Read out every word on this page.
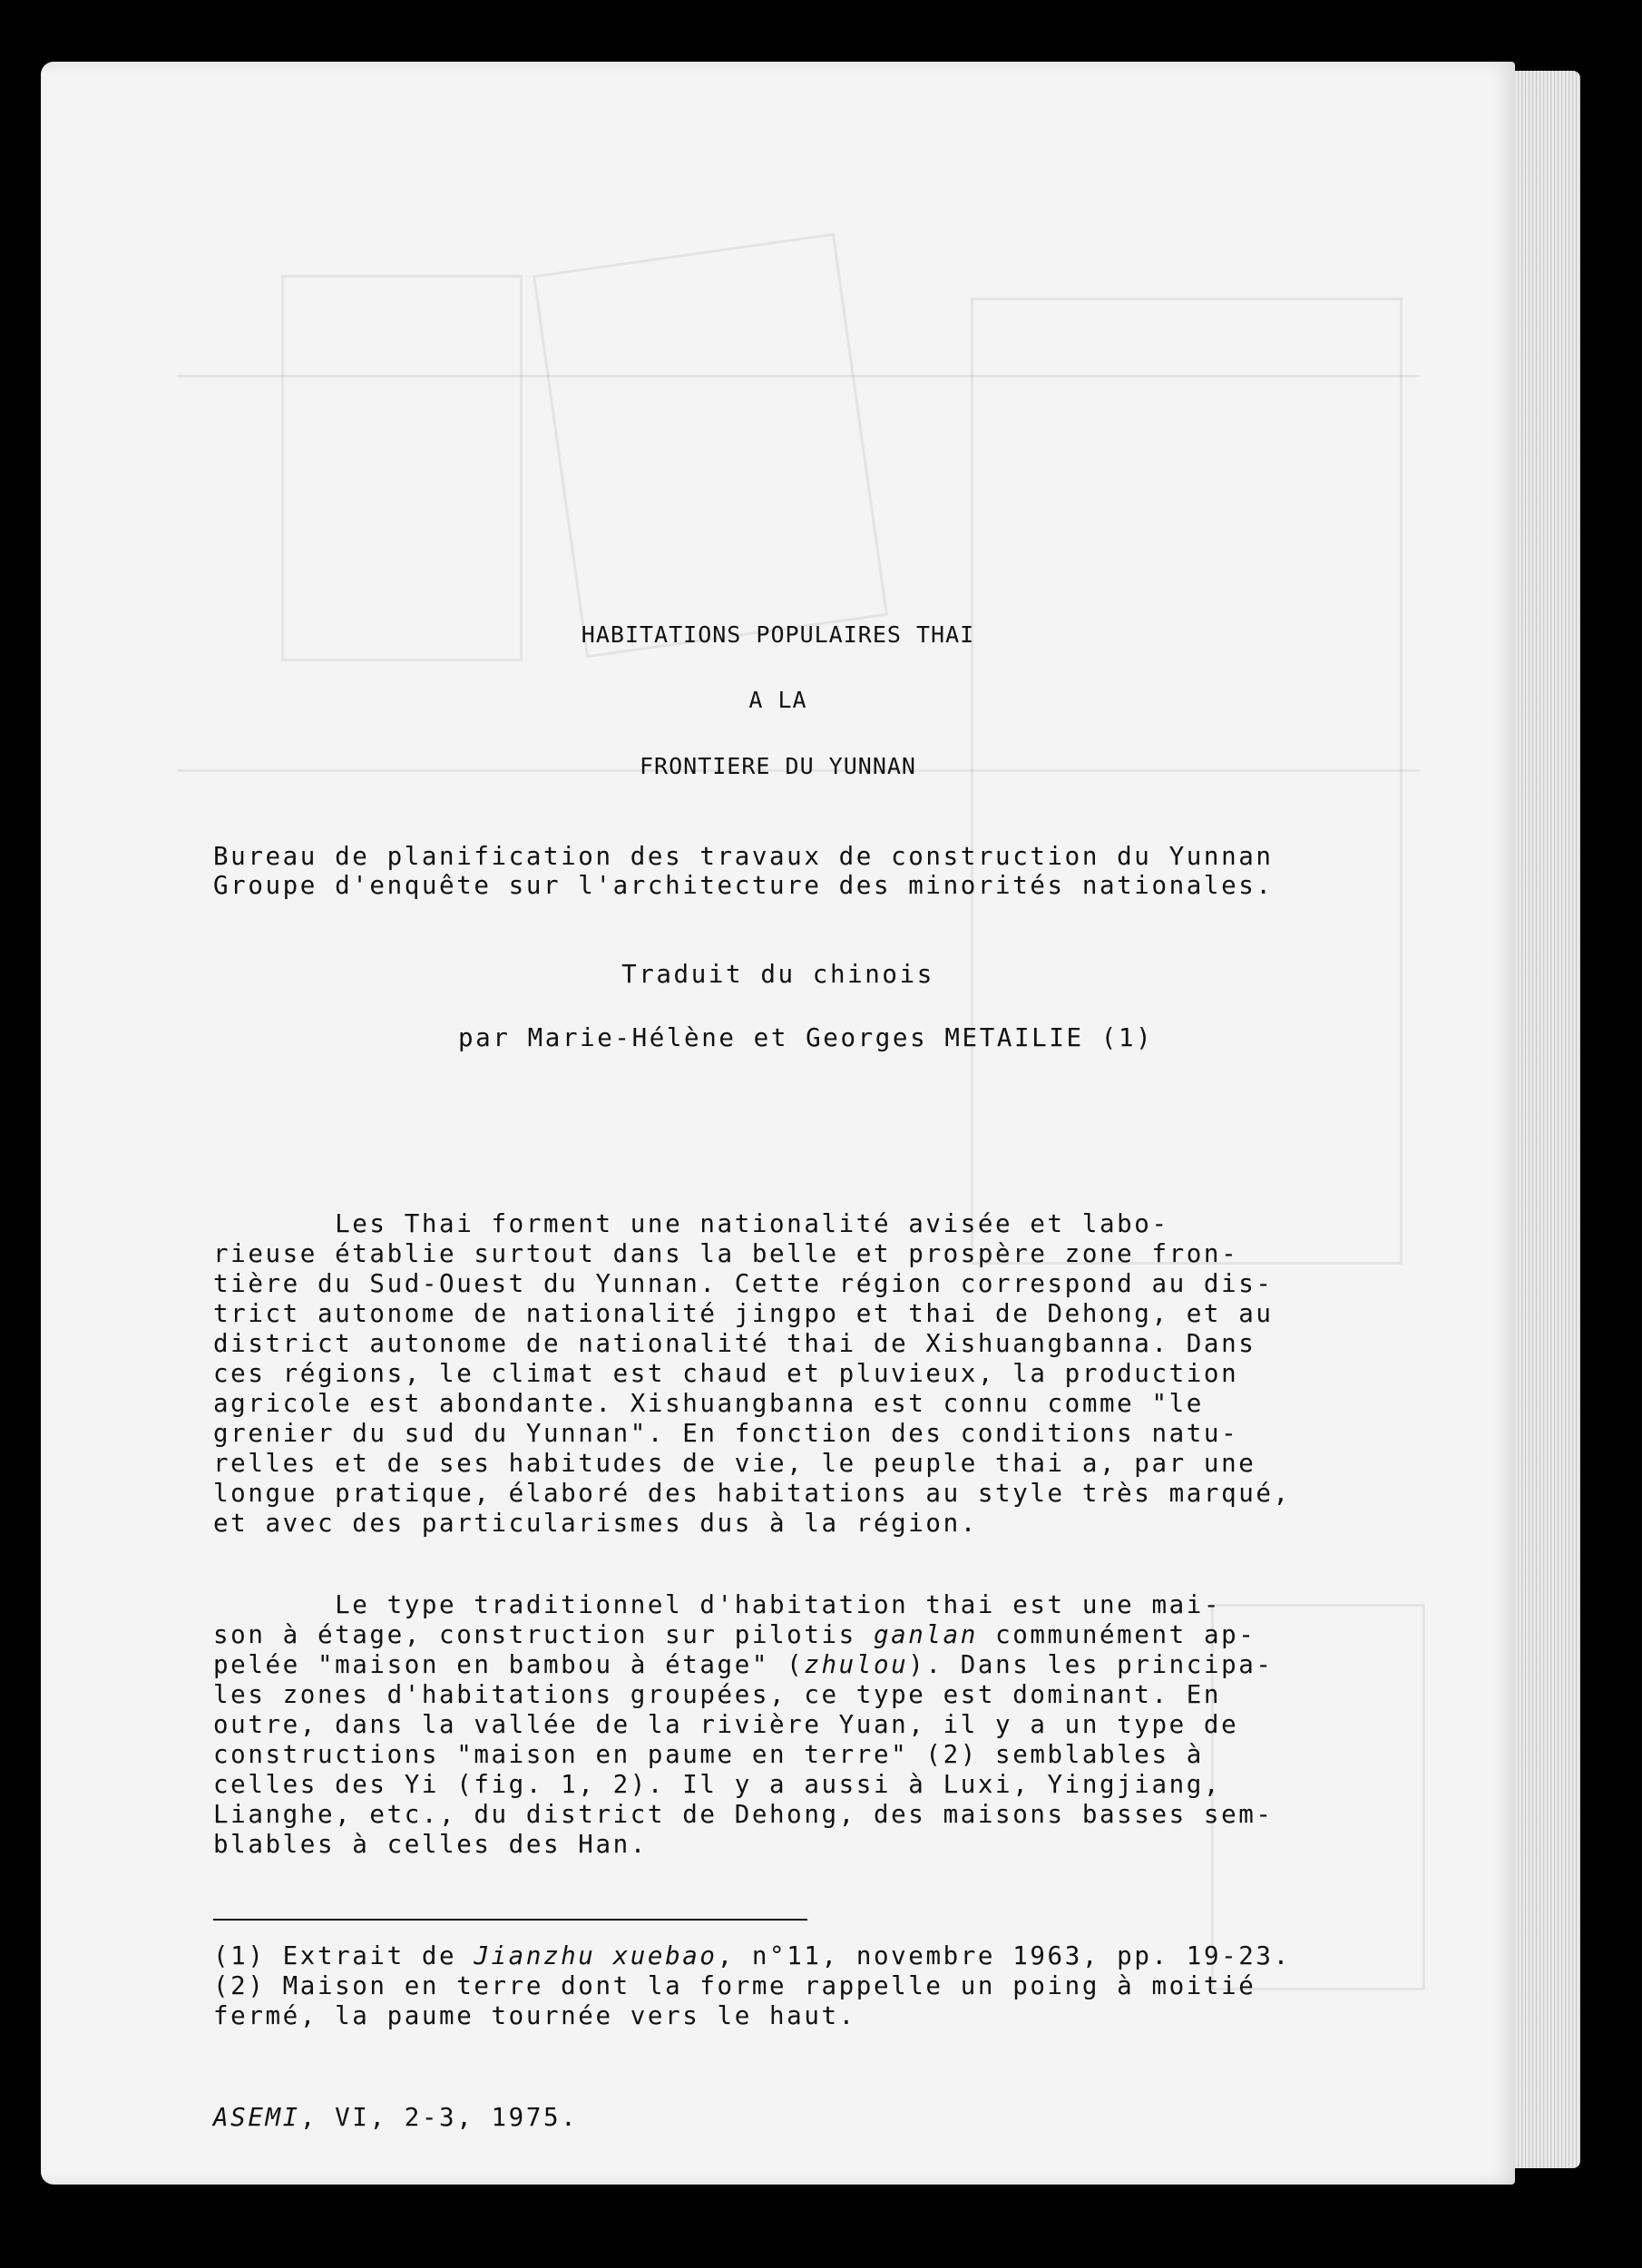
HABITATIONS POPULAIRES THAI
A LA
FRONTIERE DU YUNNAN
Bureau de planification des travaux de construction du Yunnan
Groupe d'enquête sur l'architecture des minorités nationales.
Traduit du chinois
par Marie-Hélène et Georges METAILIE (1)
Les Thai forment une nationalité avisée et labo-
rieuse établie surtout dans la belle et prospère zone fron-
tière du Sud-Ouest du Yunnan. Cette région correspond au dis-
trict autonome de nationalité jingpo et thai de Dehong, et au
district autonome de nationalité thai de Xishuangbanna. Dans
ces régions, le climat est chaud et pluvieux, la production
agricole est abondante. Xishuangbanna est connu comme "le
grenier du sud du Yunnan". En fonction des conditions natu-
relles et de ses habitudes de vie, le peuple thai a, par une
longue pratique, élaboré des habitations au style très marqué,
et avec des particularismes dus à la région.
Le type traditionnel d'habitation thai est une mai-
son à étage, construction sur pilotis ganlan communément ap-
pelée "maison en bambou à étage" (zhulou). Dans les principa-
les zones d'habitations groupées, ce type est dominant. En
outre, dans la vallée de la rivière Yuan, il y a un type de
constructions "maison en paume en terre" (2) semblables à
celles des Yi (fig. 1, 2). Il y a aussi à Luxi, Yingjiang,
Lianghe, etc., du district de Dehong, des maisons basses sem-
blables à celles des Han.
(1) Extrait de Jianzhu xuebao, n°11, novembre 1963, pp. 19-23.
(2) Maison en terre dont la forme rappelle un poing à moitié
fermé, la paume tournée vers le haut.
ASEMI, VI, 2-3, 1975.
